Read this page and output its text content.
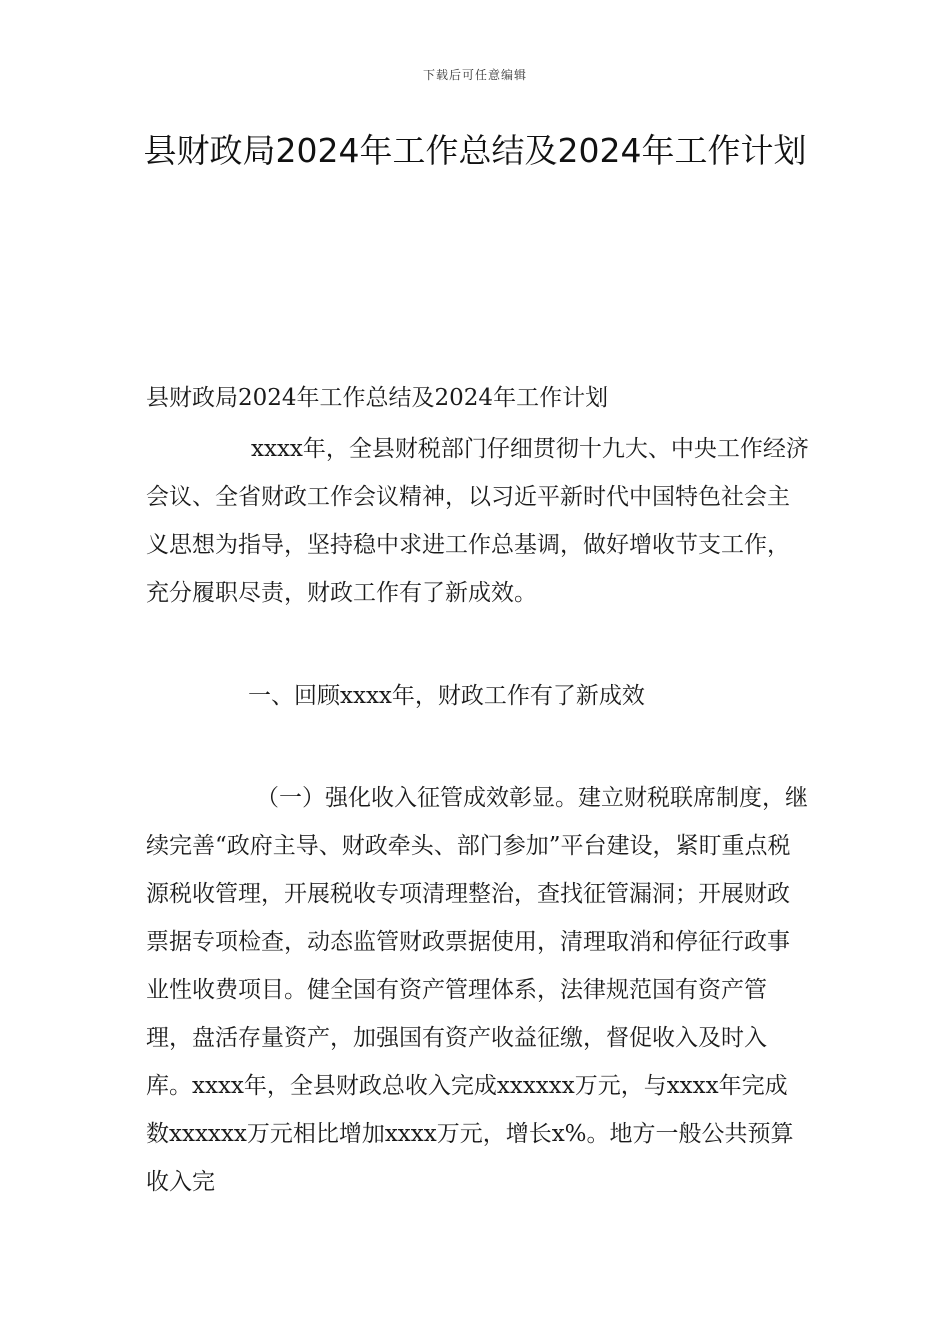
下载后可任意编辑
县财政局2024年工作总结及2024年工作计划

县财政局2024年工作总结及2024年工作计划

xxxx年，全县财税部门仔细贯彻十九大、中央工作经济会议、全省财政工作会议精神，以习近平新时代中国特色社会主义思想为指导，坚持稳中求进工作总基调，做好增收节支工作，充分履职尽责，财政工作有了新成效。

一、回顾xxxx年，财政工作有了新成效

（一）强化收入征管成效彰显。建立财税联席制度，继续完善“政府主导、财政牵头、部门参加”平台建设，紧盯重点税源税收管理，开展税收专项清理整治，查找征管漏洞；开展财政票据专项检查，动态监管财政票据使用，清理取消和停征行政事业性收费项目。健全国有资产管理体系，法律规范国有资产管理，盘活存量资产，加强国有资产收益征缴，督促收入及时入库。xxxx年，全县财政总收入完成xxxxxx万元，与xxxx年完成数xxxxxx万元相比增加xxxx万元，增长x%。地方一般公共预算收入完
